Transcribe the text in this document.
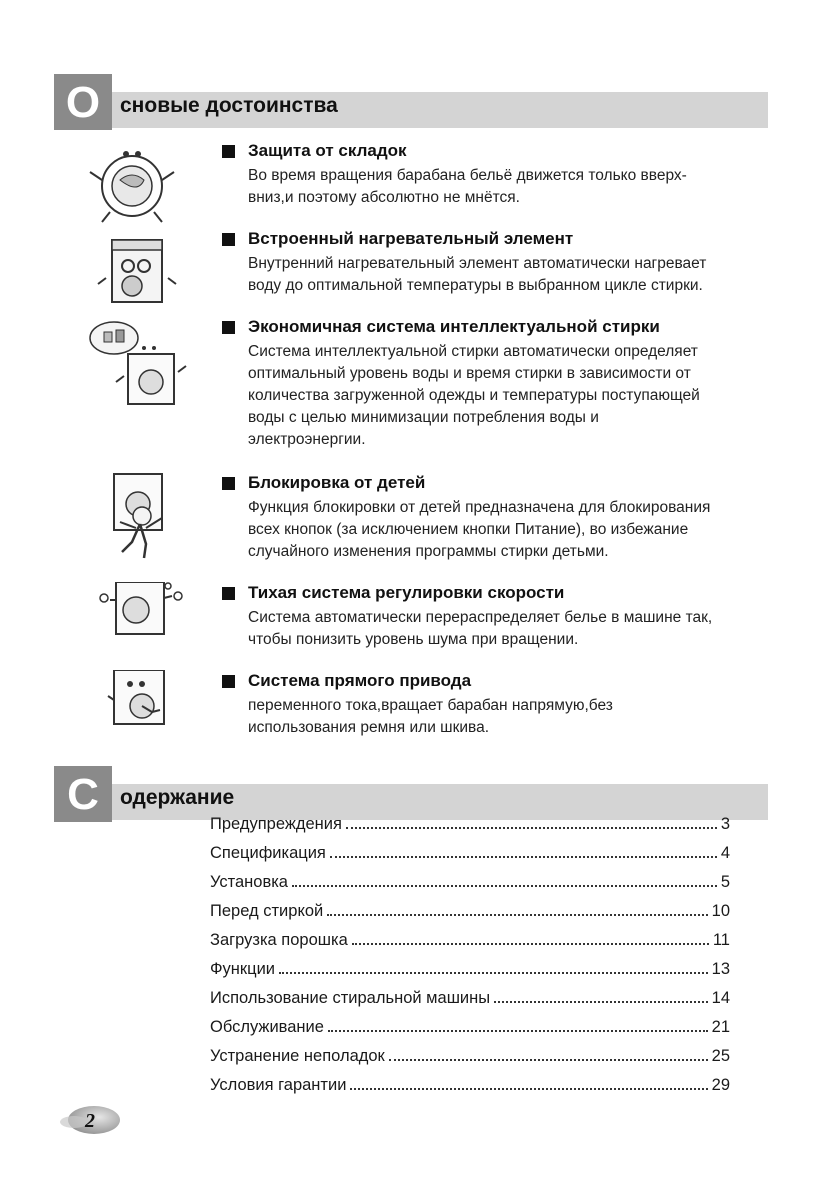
О сновые достоинства
Защита от складок
Во время вращения барабана бельё движется только вверх-
вниз,и поэтому абсолютно не мнётся.
Встроенный нагревательный элемент
Внутренний нагревательный элемент автоматически нагревает
воду до оптимальной температуры в выбранном цикле стирки.
Экономичная система интеллектуальной стирки
Система интеллектуальной стирки автоматически определяет
оптимальный уровень воды и время стирки в зависимости от
количества загруженной одежды и температуры поступающей
воды с целью минимизации потребления воды и
электроэнергии.
Блокировка от детей
Функция блокировки от детей предназначена для блокирования
всех кнопок (за исключением кнопки Питание), во избежание
случайного изменения программы стирки детьми.
Тихая система регулировки скорости
Система автоматически перераспределяет белье в машине так,
чтобы понизить уровень шума при вращении.
Система прямого привода
переменного тока,вращает барабан напрямую,без
использования ремня или шкива.
С	одержание
Предупреждения	3
Спецификация	4
Установка	5
Перед стиркой	10
Загрузка порошка	11
Функции	13
Использование стиральной машины	14
Обслуживание	21
Устранение неполадок	25
Условия гарантии	29
2
